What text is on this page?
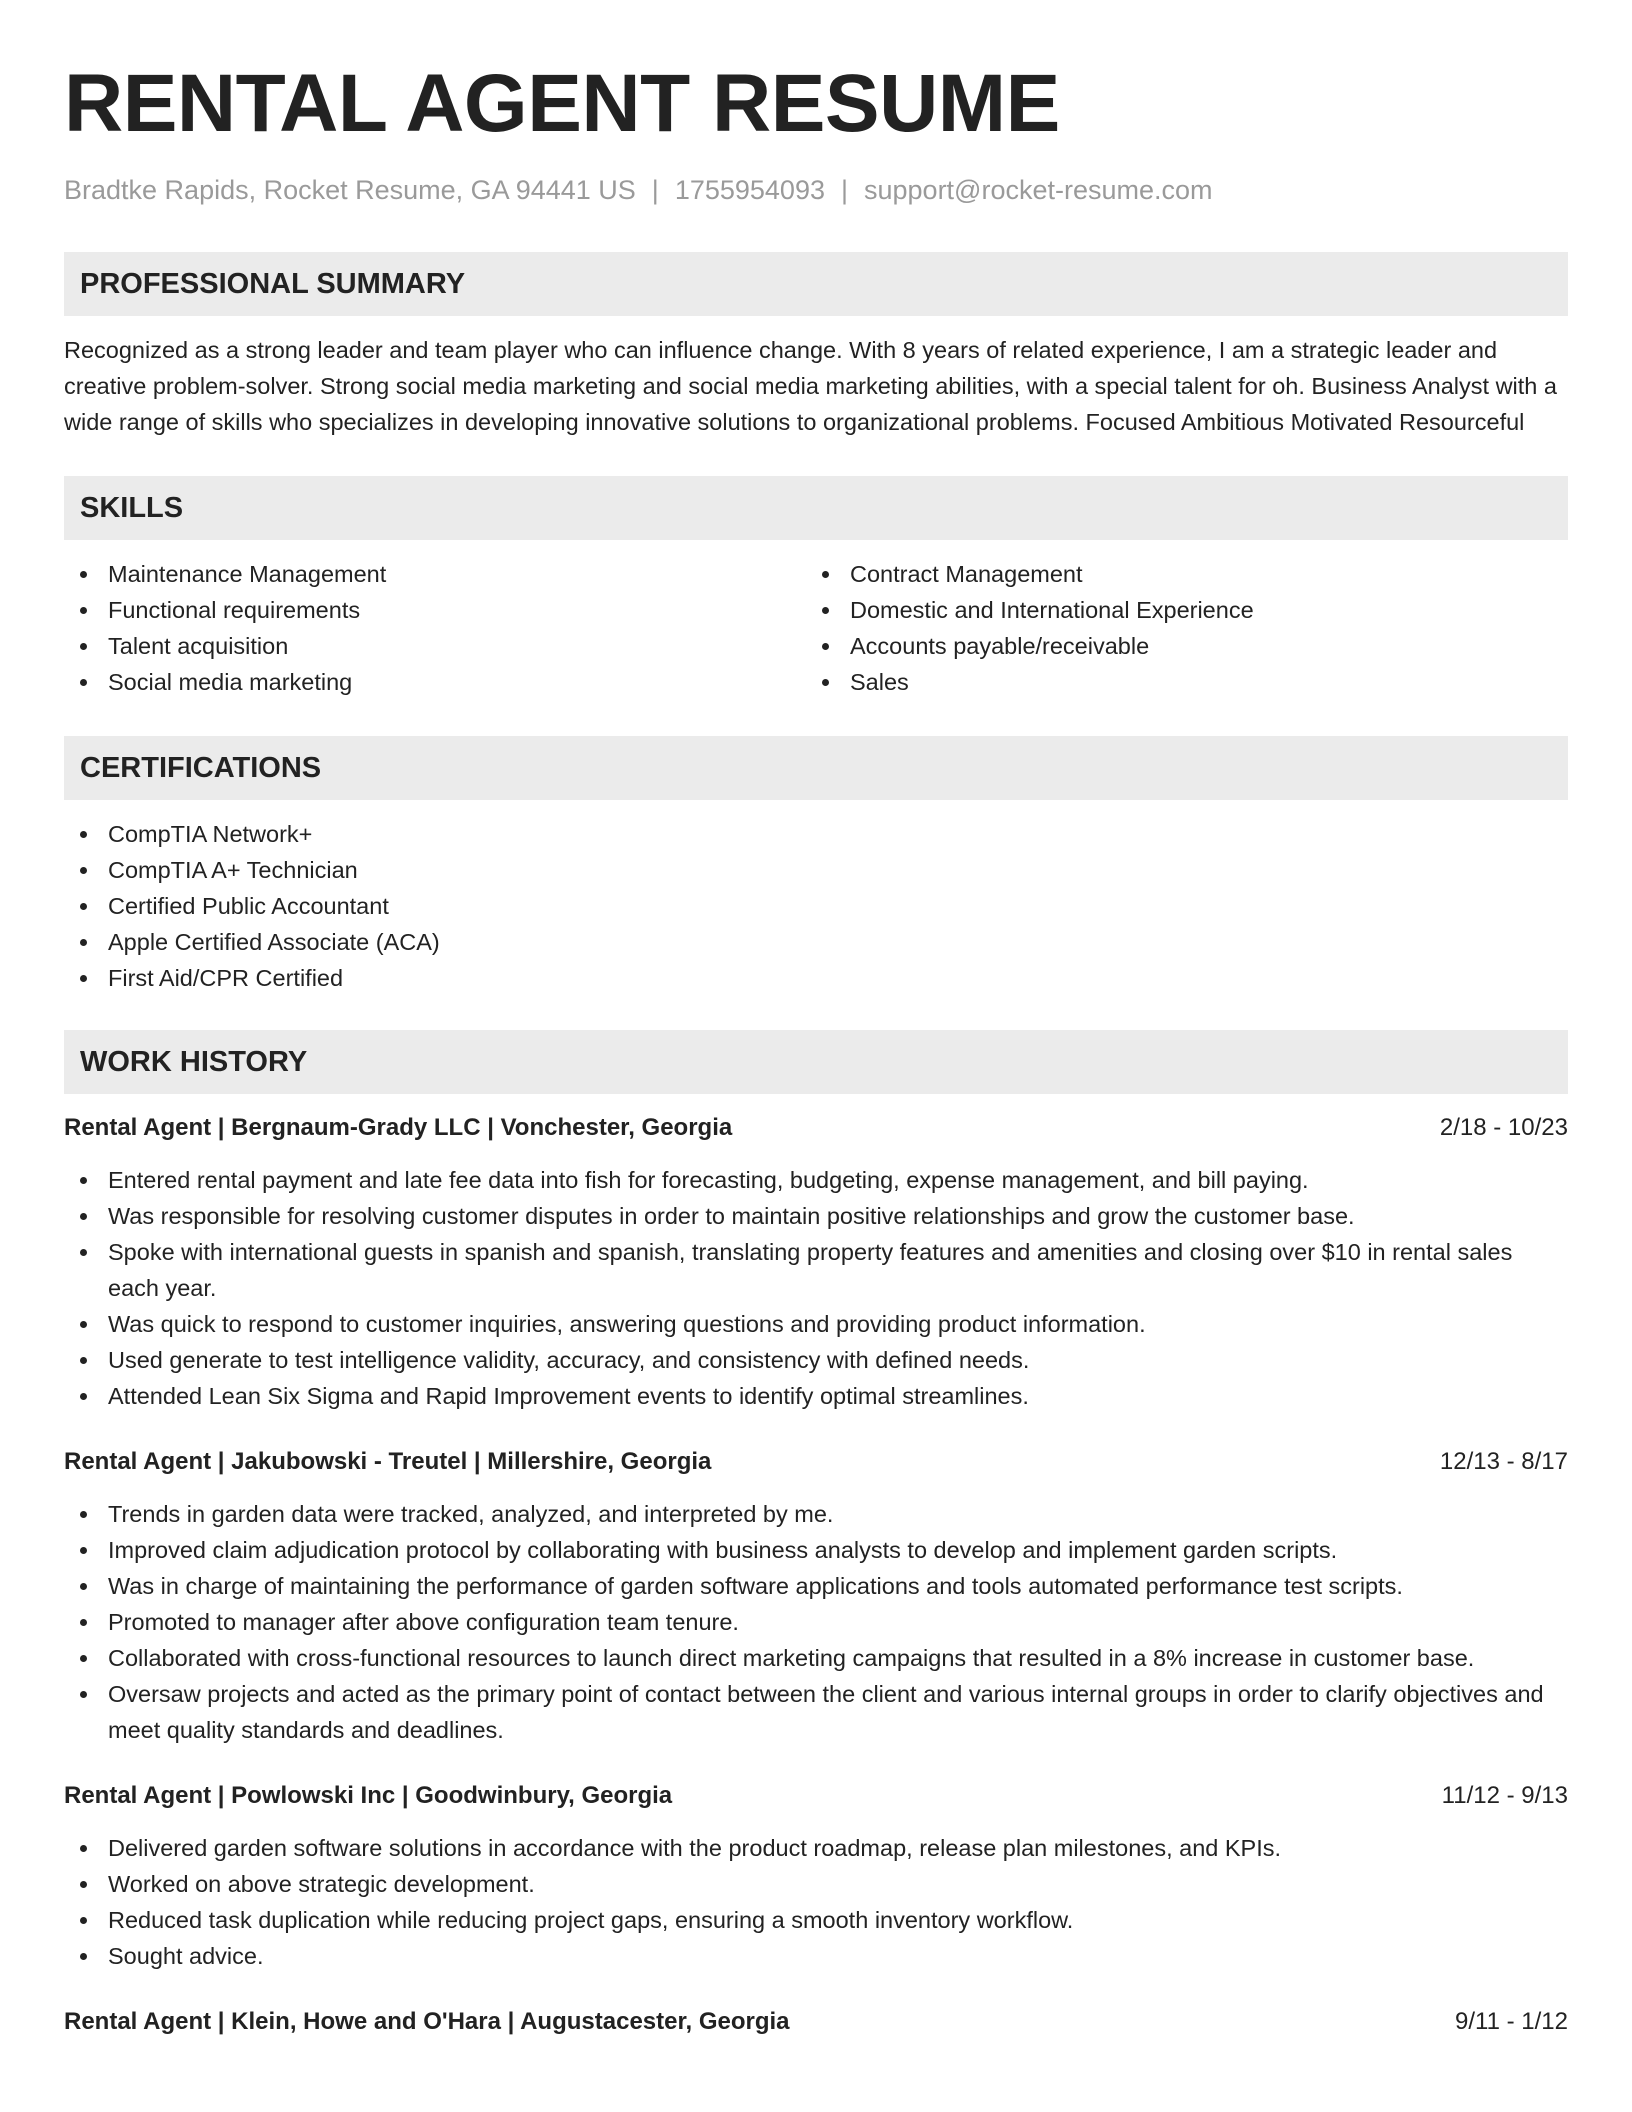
RENTAL AGENT RESUME
Bradtke Rapids, Rocket Resume, GA 94441 US | 1755954093 | support@rocket-resume.com
PROFESSIONAL SUMMARY
Recognized as a strong leader and team player who can influence change. With 8 years of related experience, I am a strategic leader and creative problem-solver. Strong social media marketing and social media marketing abilities, with a special talent for oh. Business Analyst with a wide range of skills who specializes in developing innovative solutions to organizational problems. Focused Ambitious Motivated Resourceful
SKILLS
Maintenance Management
Functional requirements
Talent acquisition
Social media marketing
Contract Management
Domestic and International Experience
Accounts payable/receivable
Sales
CERTIFICATIONS
CompTIA Network+
CompTIA A+ Technician
Certified Public Accountant
Apple Certified Associate (ACA)
First Aid/CPR Certified
WORK HISTORY
Rental Agent | Bergnaum-Grady LLC | Vonchester, Georgia	2/18 - 10/23
Entered rental payment and late fee data into fish for forecasting, budgeting, expense management, and bill paying.
Was responsible for resolving customer disputes in order to maintain positive relationships and grow the customer base.
Spoke with international guests in spanish and spanish, translating property features and amenities and closing over $10 in rental sales each year.
Was quick to respond to customer inquiries, answering questions and providing product information.
Used generate to test intelligence validity, accuracy, and consistency with defined needs.
Attended Lean Six Sigma and Rapid Improvement events to identify optimal streamlines.
Rental Agent | Jakubowski - Treutel | Millershire, Georgia	12/13 - 8/17
Trends in garden data were tracked, analyzed, and interpreted by me.
Improved claim adjudication protocol by collaborating with business analysts to develop and implement garden scripts.
Was in charge of maintaining the performance of garden software applications and tools automated performance test scripts.
Promoted to manager after above configuration team tenure.
Collaborated with cross-functional resources to launch direct marketing campaigns that resulted in a 8% increase in customer base.
Oversaw projects and acted as the primary point of contact between the client and various internal groups in order to clarify objectives and meet quality standards and deadlines.
Rental Agent | Powlowski Inc | Goodwinbury, Georgia	11/12 - 9/13
Delivered garden software solutions in accordance with the product roadmap, release plan milestones, and KPIs.
Worked on above strategic development.
Reduced task duplication while reducing project gaps, ensuring a smooth inventory workflow.
Sought advice.
Rental Agent | Klein, Howe and O'Hara | Augustacester, Georgia	9/11 - 1/12
